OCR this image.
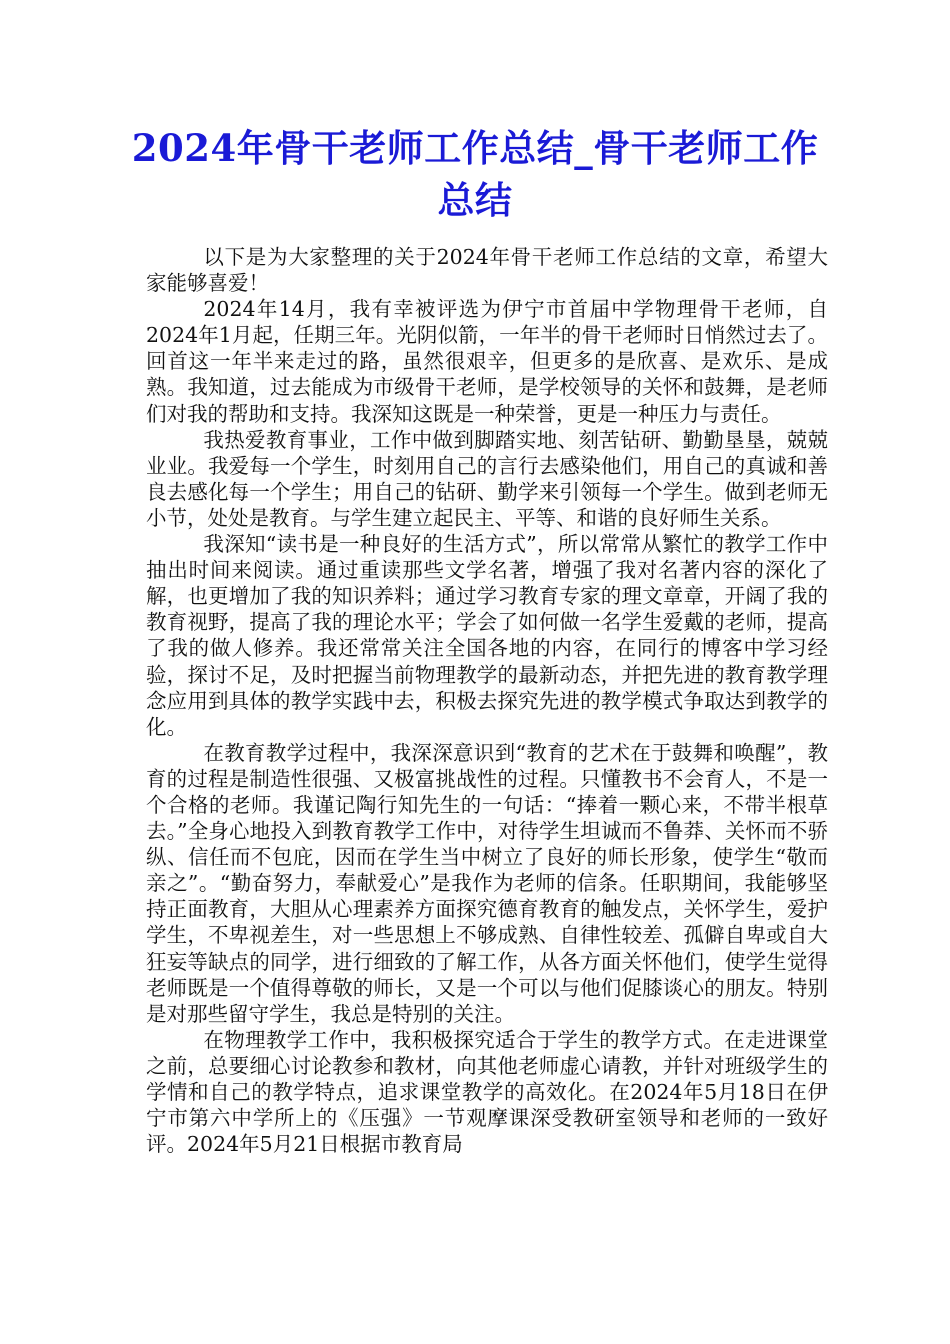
2024年骨干老师工作总结_骨干老师工作总结

以下是为大家整理的关于2024年骨干老师工作总结的文章，希望大家能够喜爱！

2024年14月，我有幸被评选为伊宁市首届中学物理骨干老师，自2024年1月起，任期三年。光阴似箭，一年半的骨干老师时日悄然过去了。回首这一年半来走过的路，虽然很艰辛，但更多的是欣喜、是欢乐、是成熟。我知道，过去能成为市级骨干老师，是学校领导的关怀和鼓舞，是老师们对我的帮助和支持。我深知这既是一种荣誉，更是一种压力与责任。

我热爱教育事业，工作中做到脚踏实地、刻苦钻研、勤勤垦垦，兢兢业业。我爱每一个学生，时刻用自己的言行去感染他们，用自己的真诚和善良去感化每一个学生；用自己的钻研、勤学来引领每一个学生。做到老师无小节，处处是教育。与学生建立起民主、平等、和谐的良好师生关系。

我深知“读书是一种良好的生活方式”，所以常常从繁忙的教学工作中抽出时间来阅读。通过重读那些文学名著，增强了我对名著内容的深化了解，也更增加了我的知识养料；通过学习教育专家的理文章章，开阔了我的教育视野，提高了我的理论水平；学会了如何做一名学生爱戴的老师，提高了我的做人修养。我还常常关注全国各地的内容，在同行的博客中学习经验，探讨不足，及时把握当前物理教学的最新动态，并把先进的教育教学理念应用到具体的教学实践中去，积极去探究先进的教学模式争取达到教学的化。

在教育教学过程中，我深深意识到“教育的艺术在于鼓舞和唤醒”，教育的过程是制造性很强、又极富挑战性的过程。只懂教书不会育人，不是一个合格的老师。我谨记陶行知先生的一句话：“捧着一颗心来，不带半根草去。”全身心地投入到教育教学工作中，对待学生坦诚而不鲁莽、关怀而不骄纵、信任而不包庇，因而在学生当中树立了良好的师长形象，使学生“敬而亲之”。“勤奋努力，奉献爱心”是我作为老师的信条。任职期间，我能够坚持正面教育，大胆从心理素养方面探究德育教育的触发点，关怀学生，爱护学生，不卑视差生，对一些思想上不够成熟、自律性较差、孤僻自卑或自大狂妄等缺点的同学，进行细致的了解工作，从各方面关怀他们，使学生觉得老师既是一个值得尊敬的师长，又是一个可以与他们促膝谈心的朋友。特别是对那些留守学生，我总是特别的关注。

在物理教学工作中，我积极探究适合于学生的教学方式。在走进课堂之前，总要细心讨论教参和教材，向其他老师虚心请教，并针对班级学生的学情和自己的教学特点，追求课堂教学的高效化。在2024年5月18日在伊宁市第六中学所上的《压强》一节观摩课深受教研室领导和老师的一致好评。2024年5月21日根据市教育局
